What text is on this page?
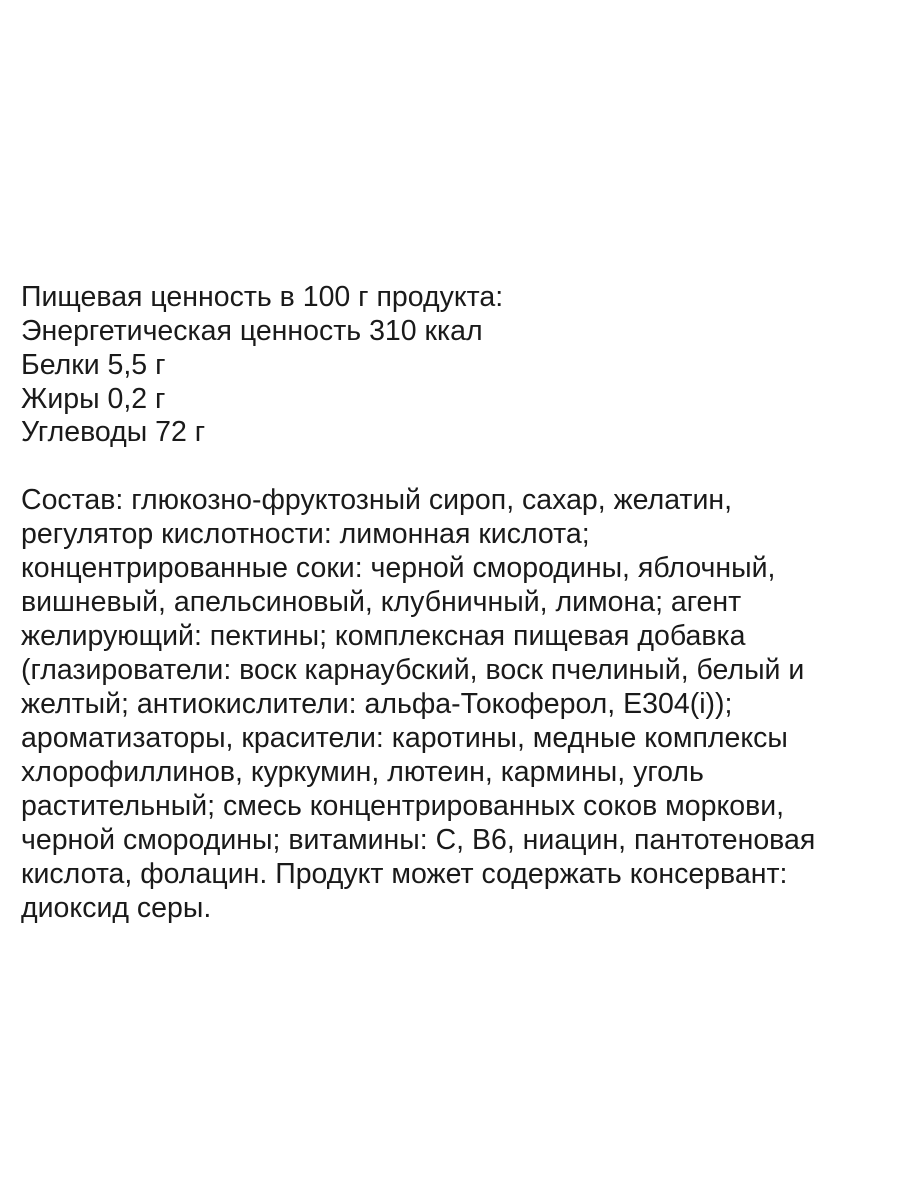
Пищевая ценность в 100 г продукта:
Энергетическая ценность 310 ккал
Белки 5,5 г
Жиры 0,2 г
Углеводы 72 г
Состав: глюкозно-фруктозный сироп, сахар, желатин,
регулятор кислотности: лимонная кислота;
концентрированные соки: черной смородины, яблочный,
вишневый, апельсиновый, клубничный, лимона; агент
желирующий: пектины; комплексная пищевая добавка
(глазирователи: воск карнаубский, воск пчелиный, белый и
желтый; антиокислители: альфа-Токоферол, E304(i));
ароматизаторы, красители: каротины, медные комплексы
хлорофиллинов, куркумин, лютеин, кармины, уголь
растительный; смесь концентрированных соков моркови,
черной смородины; витамины: С, В6, ниацин, пантотеновая
кислота, фолацин. Продукт может содержать консервант:
диоксид серы.
